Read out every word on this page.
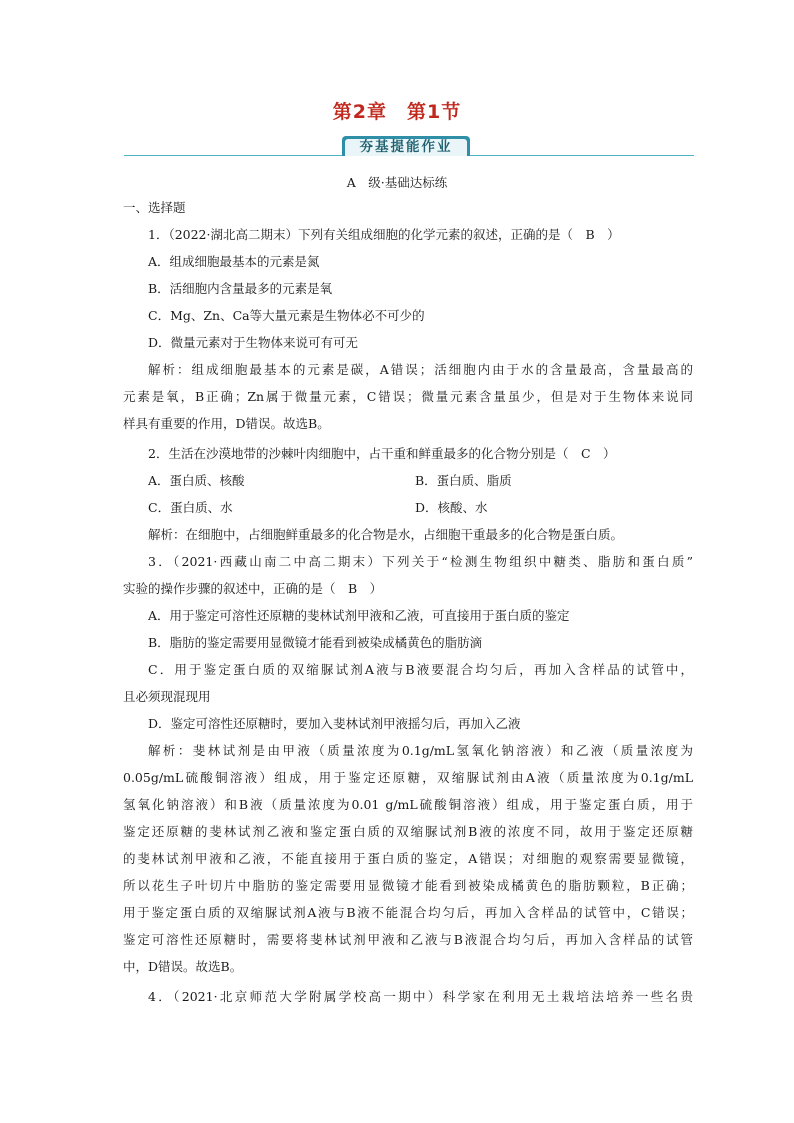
第2章　第1节
夯基提能作业
A　级·基础达标练
一、选择题
1．（2022·湖北高二期末）下列有关组成细胞的化学元素的叙述，正确的是（　B　）
A．组成细胞最基本的元素是氮
B．活细胞内含量最多的元素是氧
C．Mg、Zn、Ca等大量元素是生物体必不可少的
D．微量元素对于生物体来说可有可无
解析：组成细胞最基本的元素是碳，A错误；活细胞内由于水的含量最高，含量最高的
元素是氧，B正确；Zn属于微量元素，C错误；微量元素含量虽少，但是对于生物体来说同
样具有重要的作用，D错误。故选B。
2．生活在沙漠地带的沙棘叶肉细胞中，占干重和鲜重最多的化合物分别是（　C　）
A．蛋白质、核酸	B．蛋白质、脂质
C．蛋白质、水	D．核酸、水
解析：在细胞中，占细胞鲜重最多的化合物是水，占细胞干重最多的化合物是蛋白质。
3．（2021·西藏山南二中高二期末）下列关于“检测生物组织中糖类、脂肪和蛋白质”
实验的操作步骤的叙述中，正确的是（　B　）
A．用于鉴定可溶性还原糖的斐林试剂甲液和乙液，可直接用于蛋白质的鉴定
B．脂肪的鉴定需要用显微镜才能看到被染成橘黄色的脂肪滴
C．用于鉴定蛋白质的双缩脲试剂A液与B液要混合均匀后，再加入含样品的试管中，
且必须现混现用
D．鉴定可溶性还原糖时，要加入斐林试剂甲液摇匀后，再加入乙液
解析：斐林试剂是由甲液（质量浓度为0.1g/mL氢氧化钠溶液）和乙液（质量浓度为
0.05g/mL硫酸铜溶液）组成，用于鉴定还原糖，双缩脲试剂由A液（质量浓度为0.1g/mL
氢氧化钠溶液）和B液（质量浓度为0.01 g/mL硫酸铜溶液）组成，用于鉴定蛋白质，用于
鉴定还原糖的斐林试剂乙液和鉴定蛋白质的双缩脲试剂B液的浓度不同，故用于鉴定还原糖
的斐林试剂甲液和乙液，不能直接用于蛋白质的鉴定，A错误；对细胞的观察需要显微镜，
所以花生子叶切片中脂肪的鉴定需要用显微镜才能看到被染成橘黄色的脂肪颗粒，B正确；
用于鉴定蛋白质的双缩脲试剂A液与B液不能混合均匀后，再加入含样品的试管中，C错误；
鉴定可溶性还原糖时，需要将斐林试剂甲液和乙液与B液混合均匀后，再加入含样品的试管
中，D错误。故选B。
4．（2021·北京师范大学附属学校高一期中）科学家在利用无土栽培法培养一些名贵
